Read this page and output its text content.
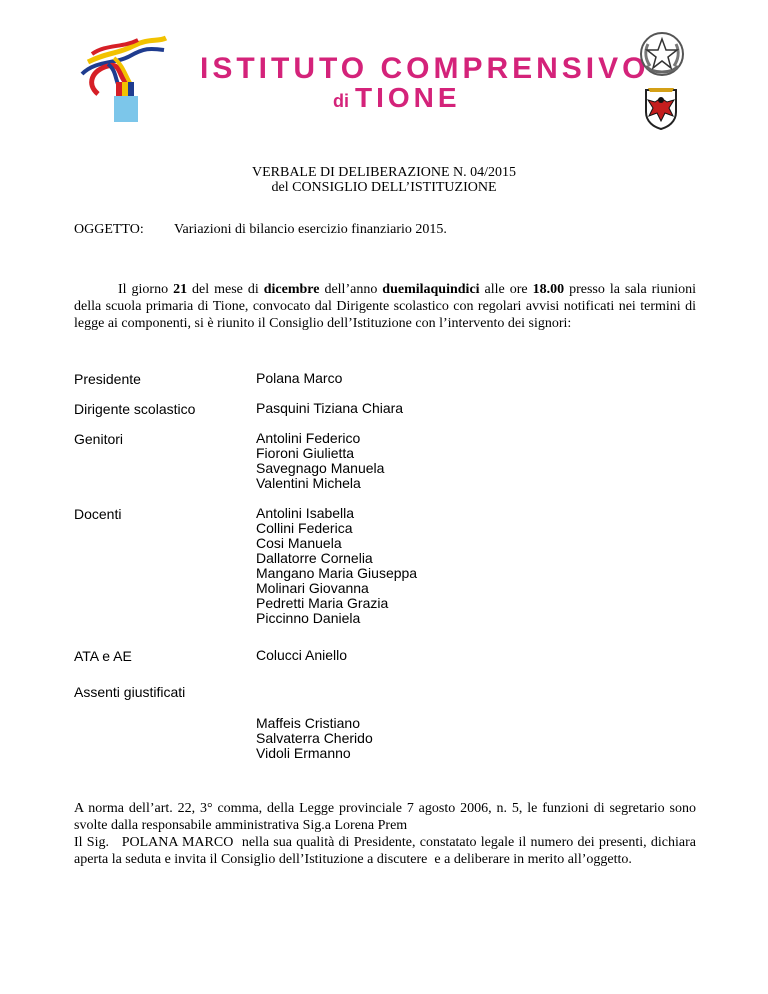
ISTITUTO COMPRENSIVO
di TIONE
VERBALE DI DELIBERAZIONE N. 04/2015
del CONSIGLIO DELL’ISTITUZIONE
OGGETTO: Variazioni di bilancio esercizio finanziario 2015.
Il giorno 21 del mese di dicembre dell’anno duemilaquindici alle ore 18.00 presso la sala riunioni della scuola primaria di Tione, convocato dal Dirigente scolastico con regolari avvisi notificati nei termini di legge ai componenti, si è riunito il Consiglio dell’Istituzione con l’intervento dei signori:
Presidente	Polana Marco
Dirigente scolastico	Pasquini Tiziana Chiara
Genitori	Antolini Federico
Fioroni Giulietta
Savegnago Manuela
Valentini Michela
Docenti	Antolini Isabella
Collini Federica
Cosi Manuela
Dallatorre Cornelia
Mangano Maria Giuseppa
Molinari Giovanna
Pedretti Maria Grazia
Piccinno Daniela
ATA e AE	Colucci Aniello
Assenti giustificati
Maffeis Cristiano
Salvaterra Cherido
Vidoli Ermanno
A norma dell’art. 22, 3° comma, della Legge provinciale 7 agosto 2006, n. 5, le funzioni di segretario sono svolte dalla responsabile amministrativa Sig.a Lorena Prem
Il Sig.   POLANA MARCO  nella sua qualità di Presidente, constatato legale il numero dei presenti, dichiara aperta la seduta e invita il Consiglio dell’Istituzione a discutere  e a deliberare in merito all’oggetto.
